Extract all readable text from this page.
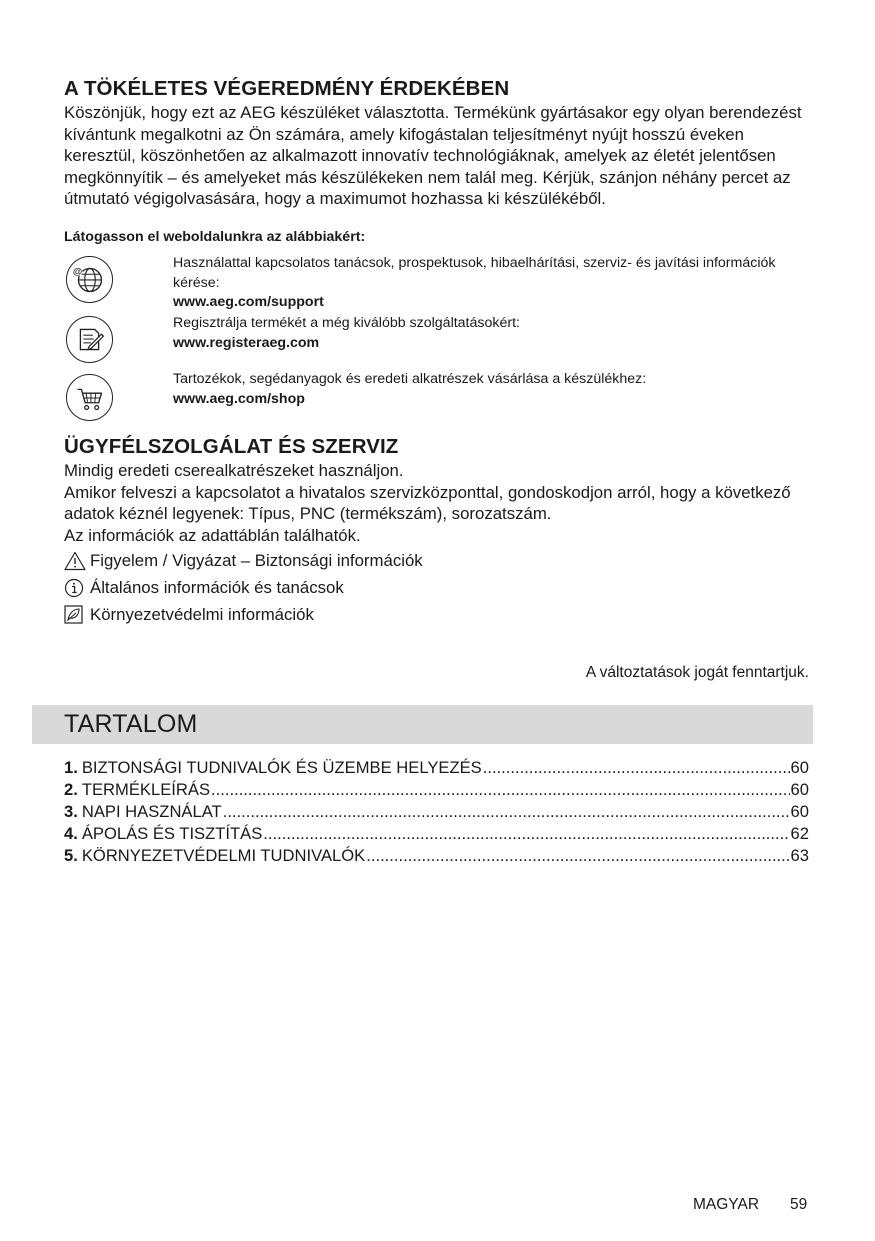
A TÖKÉLETES VÉGEREDMÉNY ÉRDEKÉBEN

Köszönjük, hogy ezt az AEG készüléket választotta. Termékünk gyártásakor egy olyan berendezést kívántunk megalkotni az Ön számára, amely kifogástalan teljesítményt nyújt hosszú éveken keresztül, köszönhetően az alkalmazott innovatív technológiáknak, amelyek az életét jelentősen megkönnyítik – és amelyeket más készülékeken nem talál meg. Kérjük, szánjon néhány percet az útmutató végigolvasására, hogy a maximumot hozhassa ki készülékéből.

Látogasson el weboldalunkra az alábbiakért:
@
Használattal kapcsolatos tanácsok, prospektusok, hibaelhárítási, szerviz- és javítási információk kérése:
www.aeg.com/support
Regisztrálja termékét a még kiválóbb szolgáltatásokért:
www.registeraeg.com
Tartozékok, segédanyagok és eredeti alkatrészek vásárlása a készülékhez:
www.aeg.com/shop
ÜGYFÉLSZOLGÁLAT ÉS SZERVIZ

Mindig eredeti cserealkatrészeket használjon.

Amikor felveszi a kapcsolatot a hivatalos szervizközponttal, gondoskodjon arról, hogy a következő adatok kéznél legyenek: Típus, PNC (termékszám), sorozatszám.

Az információk az adattáblán találhatók.

Figyelem / Vigyázat – Biztonsági információk
Általános információk és tanácsok
Környezetvédelmi információk
A változtatások jogát fenntartjuk.
TARTALOM
1. BIZTONSÁGI TUDNIVALÓK ÉS ÜZEMBE HELYEZÉS .....	60
2. TERMÉKLEÍRÁS .....	60
3. NAPI HASZNÁLAT .....	60
4. ÁPOLÁS ÉS TISZTÍTÁS .....	62
5. KÖRNYEZETVÉDELMI TUDNIVALÓK .....	63
MAGYAR 59
